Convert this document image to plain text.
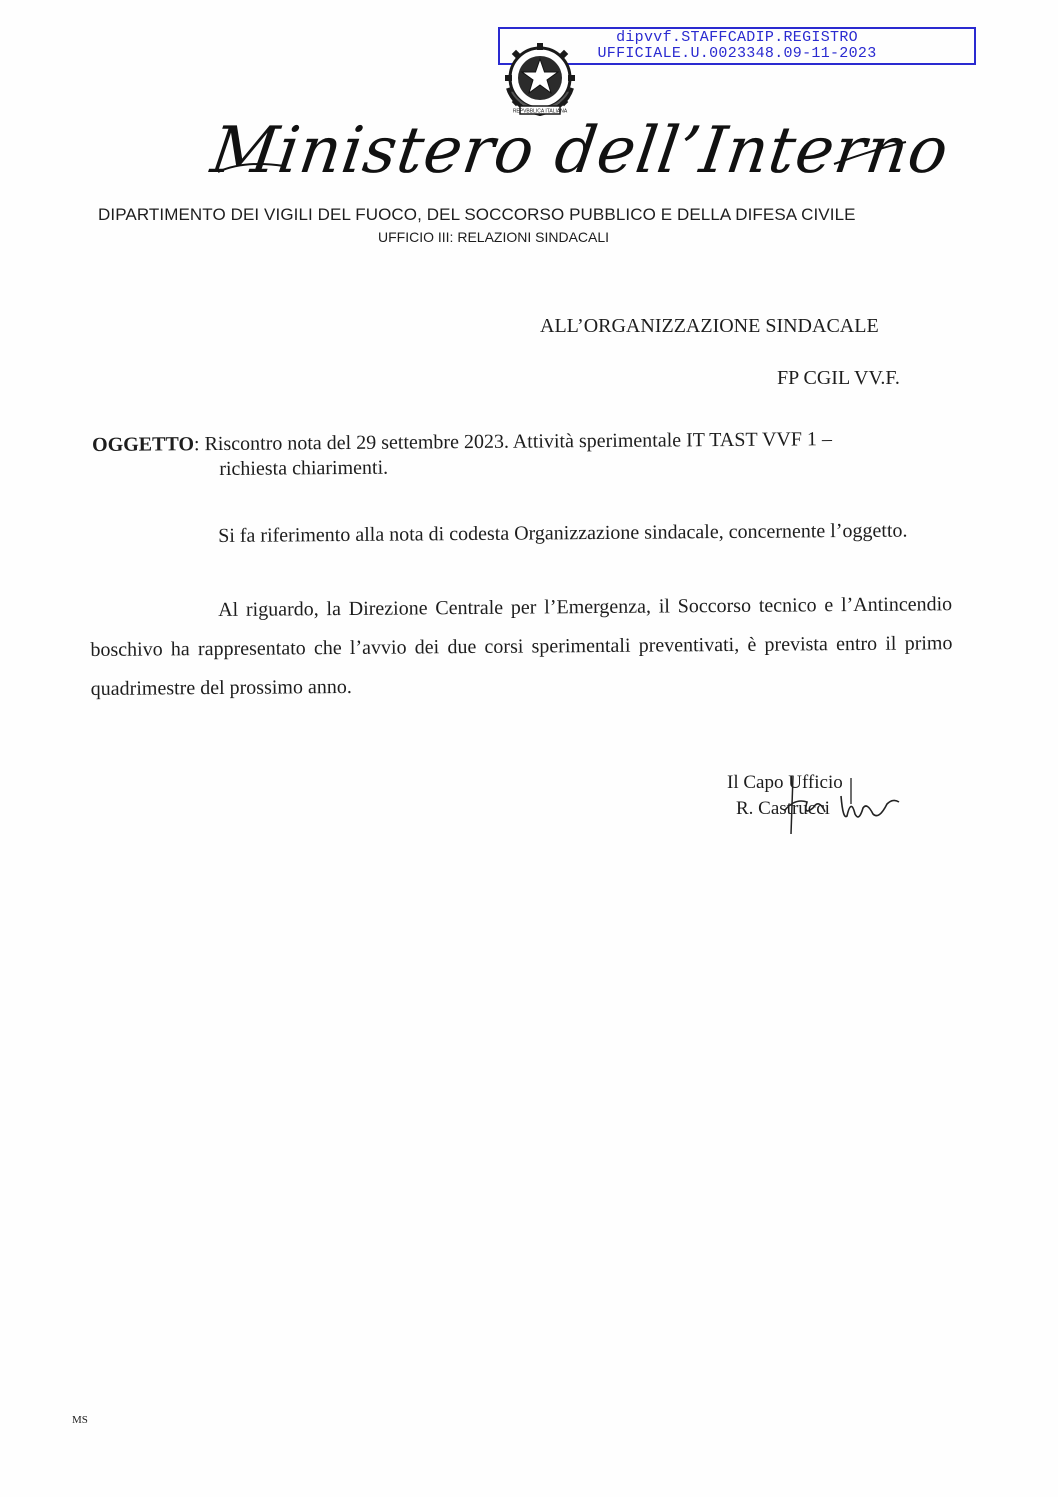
dipvvf.STAFFCADIP.REGISTRO
UFFICIALE.U.0023348.09-11-2023
REPVBBLICA ITALIANA
Ministero dell’Interno
DIPARTIMENTO DEI VIGILI DEL FUOCO, DEL SOCCORSO PUBBLICO E DELLA DIFESA CIVILE
UFFICIO III: RELAZIONI SINDACALI
ALL’ORGANIZZAZIONE SINDACALE
FP CGIL VV.F.
OGGETTO: Riscontro nota del 29 settembre 2023. Attività sperimentale IT TAST VVF 1 –
richiesta chiarimenti.
Si fa riferimento alla nota di codesta Organizzazione sindacale, concernente l’oggetto.
Al riguardo, la Direzione Centrale per l’Emergenza, il Soccorso tecnico e l’Antincendio boschivo ha rappresentato che l’avvio dei due corsi sperimentali preventivati, è prevista entro il primo quadrimestre del prossimo anno.
Il Capo Ufficio
R. Castrucci
MS
